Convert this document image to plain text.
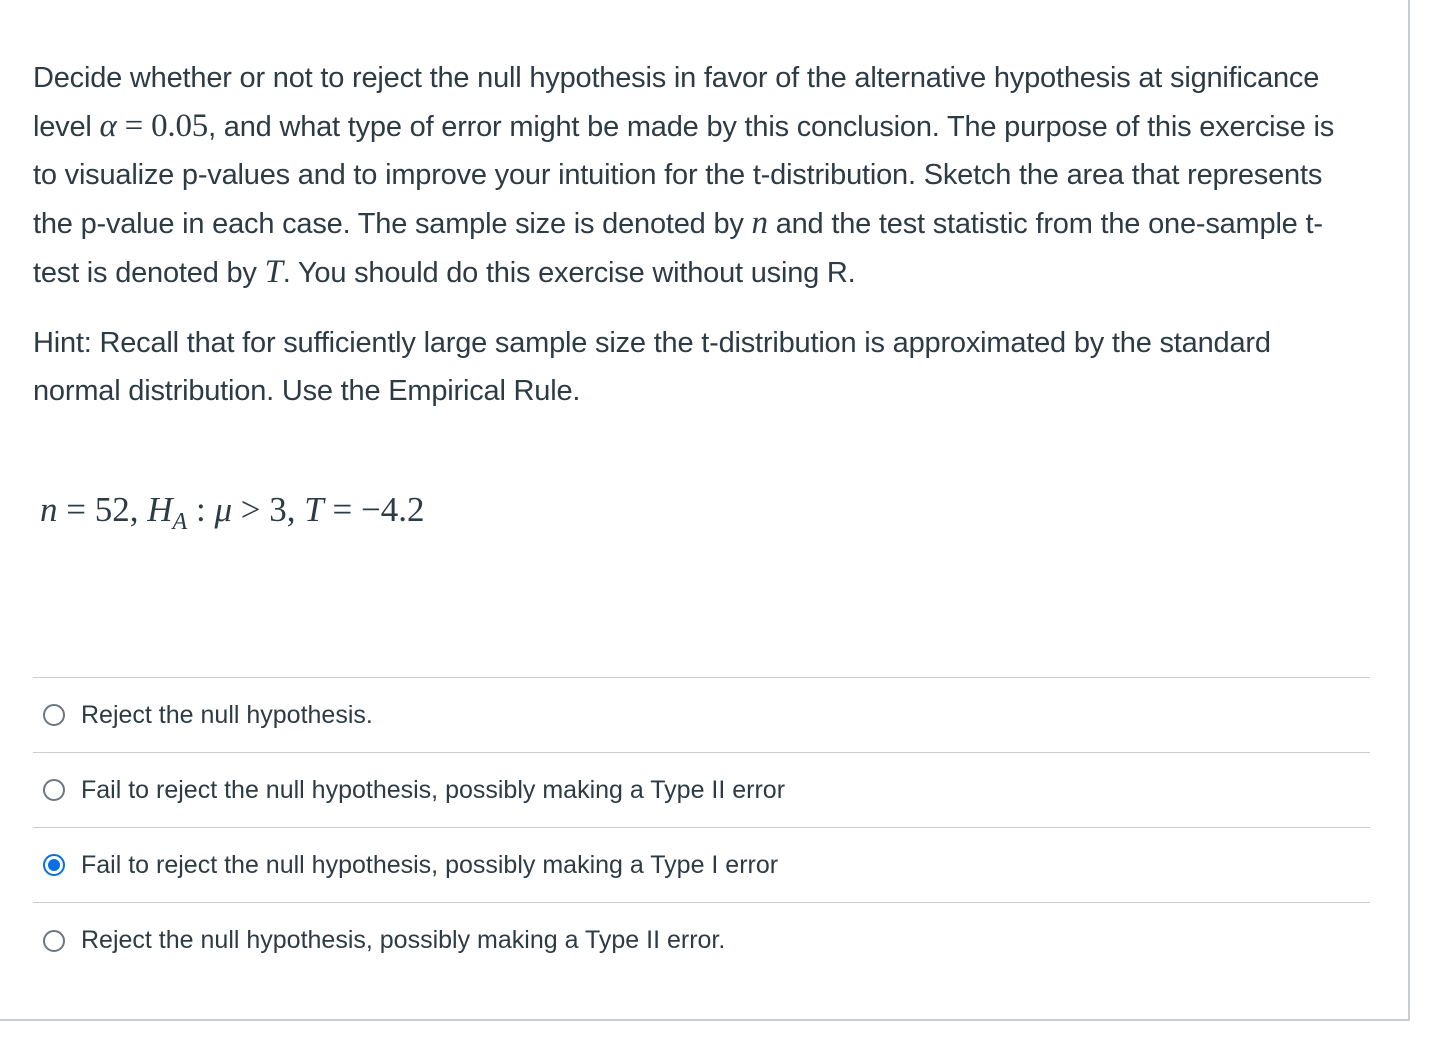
Decide whether or not to reject the null hypothesis in favor of the alternative hypothesis at significance level α = 0.05, and what type of error might be made by this conclusion. The purpose of this exercise is to visualize p-values and to improve your intuition for the t-distribution. Sketch the area that represents the p-value in each case. The sample size is denoted by n and the test statistic from the one-sample t-test is denoted by T. You should do this exercise without using R.

Hint: Recall that for sufficiently large sample size the t-distribution is approximated by the standard normal distribution. Use the Empirical Rule.

n = 52, $H_A$ : μ > 3, T = −4.2
Reject the null hypothesis.
Fail to reject the null hypothesis, possibly making a Type II error
Fail to reject the null hypothesis, possibly making a Type I error
Reject the null hypothesis, possibly making a Type II error.
